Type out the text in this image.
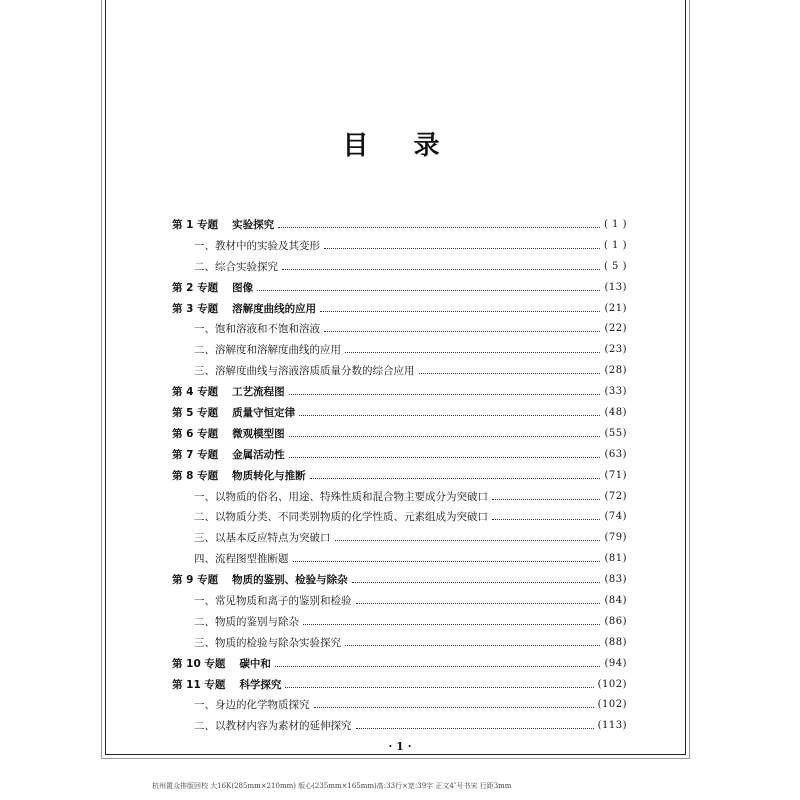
目 录
第 1 专题 实验探究	( 1 )
一、教材中的实验及其变形	( 1 )
二、综合实验探究	( 5 )
第 2 专题 图像	(13)
第 3 专题 溶解度曲线的应用	(21)
一、饱和溶液和不饱和溶液	(22)
二、溶解度和溶解度曲线的应用	(23)
三、溶解度曲线与溶液溶质质量分数的综合应用	(28)
第 4 专题 工艺流程图	(33)
第 5 专题 质量守恒定律	(48)
第 6 专题 微观模型图	(55)
第 7 专题 金属活动性	(63)
第 8 专题 物质转化与推断	(71)
一、以物质的俗名、用途、特殊性质和混合物主要成分为突破口	(72)
二、以物质分类、不同类别物质的化学性质、元素组成为突破口	(74)
三、以基本反应特点为突破口	(79)
四、流程图型推断题	(81)
第 9 专题 物质的鉴别、检验与除杂	(83)
一、常见物质和离子的鉴别和检验	(84)
二、物质的鉴别与除杂	(86)
三、物质的检验与除杂实验探究	(88)
第 10 专题 碳中和	(94)
第 11 专题 科学探究	(102)
一、身边的化学物质探究	(102)
二、以教材内容为素材的延伸探究	(113)
· 1 ·
杭州置众排版回校 大16K(285mm×210mm) 版心(235mm×165mm)高:33行×宽:39字 正文4″号书宋 行距3mm
